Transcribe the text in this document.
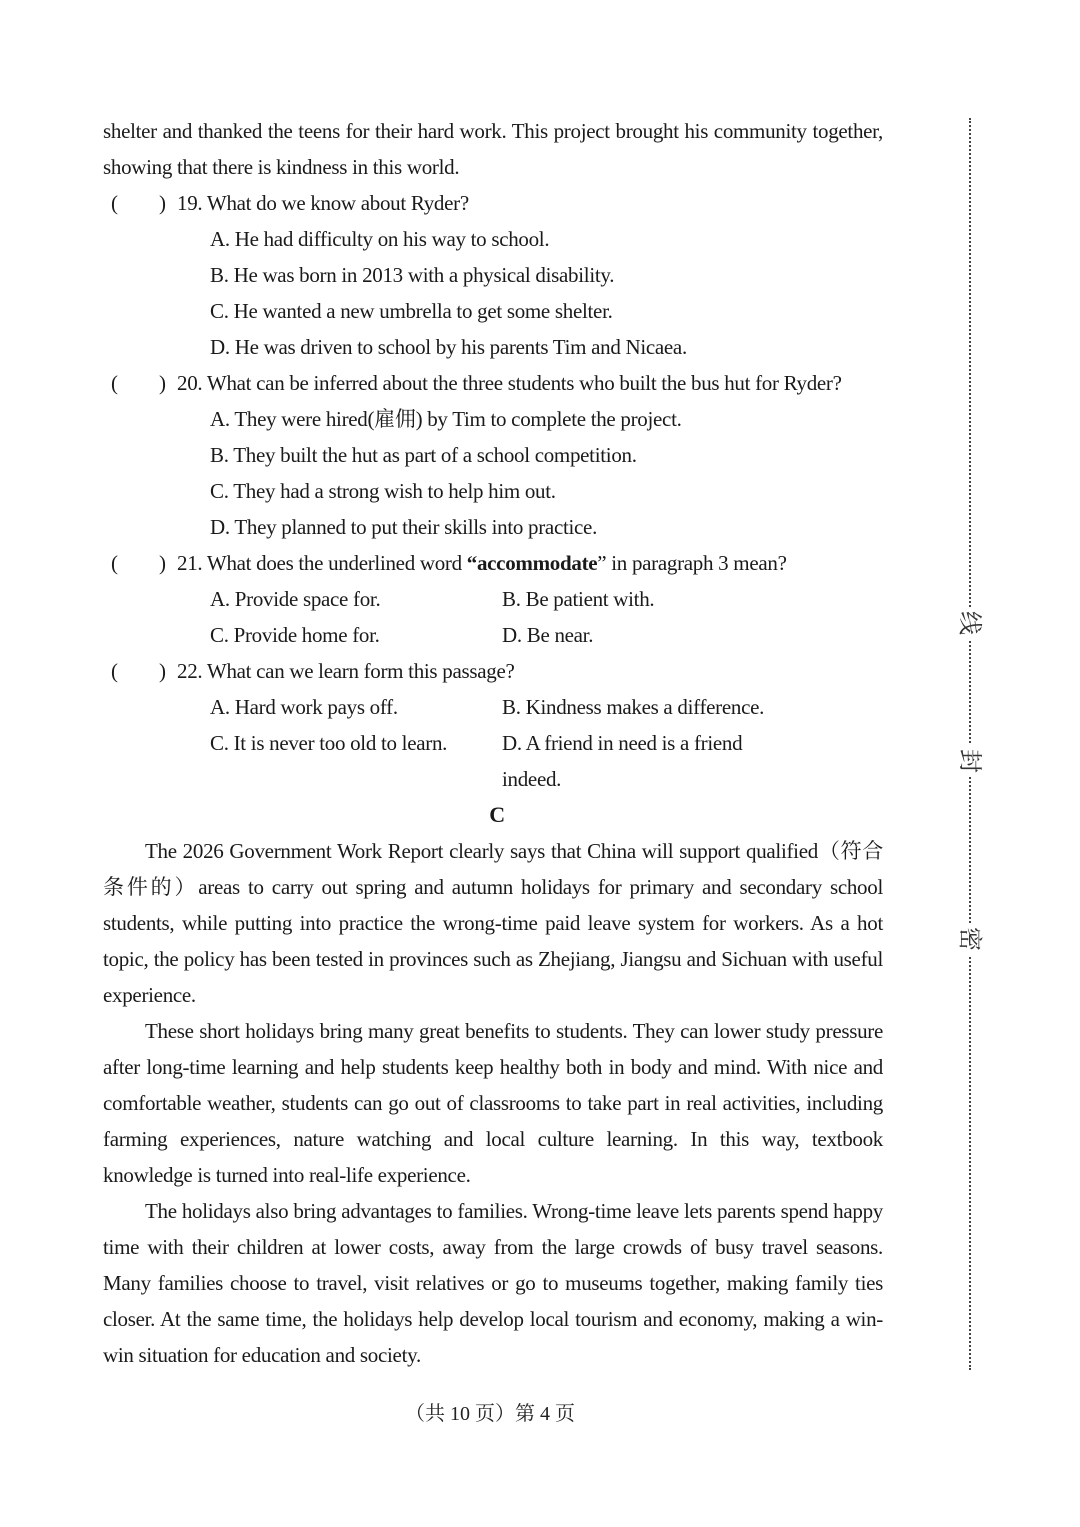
shelter and thanked the teens for their hard work. This project brought his community together, showing that there is kindness in this world.

( ) 19. What do we know about Ryder?

A. He had difficulty on his way to school.

B. He was born in 2013 with a physical disability.

C. He wanted a new umbrella to get some shelter.

D. He was driven to school by his parents Tim and Nicaea.

( ) 20. What can be inferred about the three students who built the bus hut for Ryder?

A. They were hired(雇佣) by Tim to complete the project.

B. They built the hut as part of a school competition.

C. They had a strong wish to help him out.

D. They planned to put their skills into practice.

( ) 21. What does the underlined word “accommodate” in paragraph 3 mean?

A. Provide space for.	B. Be patient with.
C. Provide home for.	D. Be near.

( ) 22. What can we learn form this passage?

A. Hard work pays off.	B. Kindness makes a difference.
C. It is never too old to learn.	D. A friend in need is a friend indeed.

C

The 2026 Government Work Report clearly says that China will support qualified（符合条件的）areas to carry out spring and autumn holidays for primary and secondary school students, while putting into practice the wrong-time paid leave system for workers. As a hot topic, the policy has been tested in provinces such as Zhejiang, Jiangsu and Sichuan with useful experience.

These short holidays bring many great benefits to students. They can lower study pressure after long-time learning and help students keep healthy both in body and mind. With nice and comfortable weather, students can go out of classrooms to take part in real activities, including farming experiences, nature watching and local culture learning. In this way, textbook knowledge is turned into real-life experience.

The holidays also bring advantages to families. Wrong-time leave lets parents spend happy time with their children at lower costs, away from the large crowds of busy travel seasons. Many families choose to travel, visit relatives or go to museums together, making family ties closer. At the same time, the holidays help develop local tourism and economy, making a win-win situation for education and society.

线
封
密
（共 10 页）第 4 页
